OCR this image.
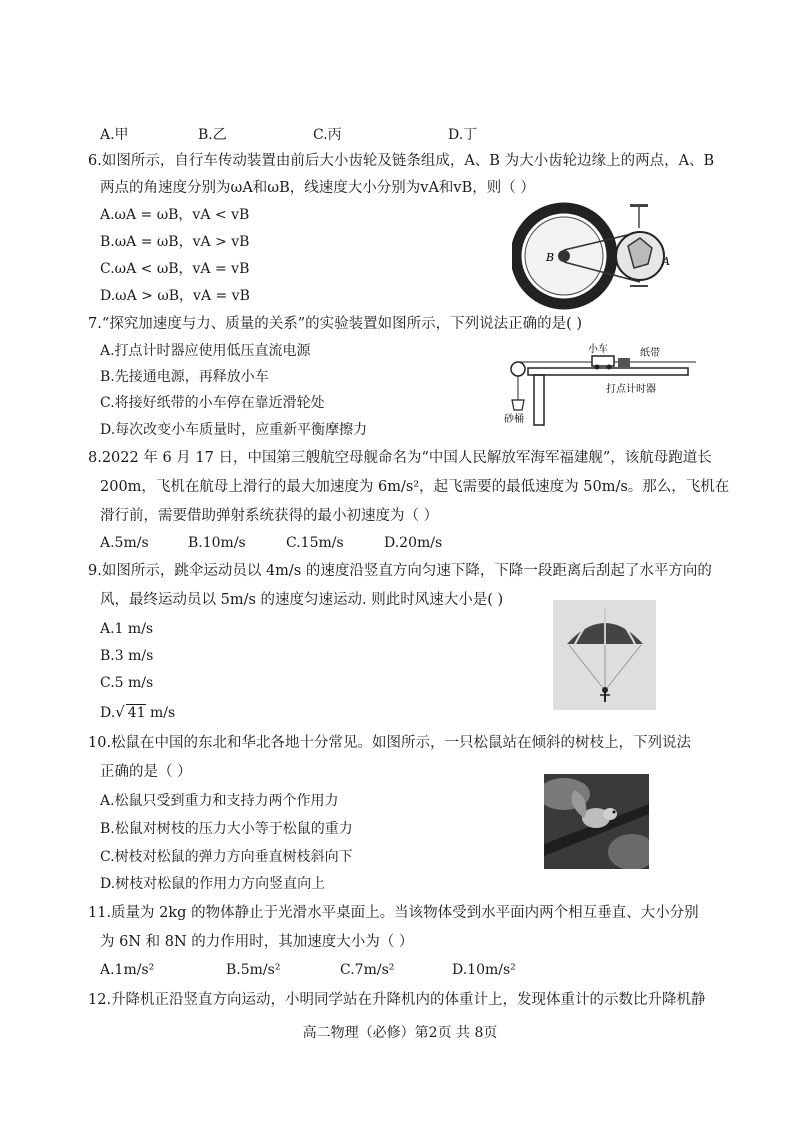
A.甲	B.乙	C.丙	D.丁
6.如图所示，自行车传动装置由前后大小齿轮及链条组成，A、B 为大小齿轮边缘上的两点，A、B
两点的角速度分别为ωA和ωB，线速度大小分别为vA和vB，则（ ）
A.ωA = ωB，vA < vB
B.ωA = ωB，vA > vB
C.ωA < ωB，vA = vB
D.ωA > ωB，vA = vB
B	A
7.“探究加速度与力、质量的关系”的实验装置如图所示，下列说法正确的是( )
A.打点计时器应使用低压直流电源
B.先接通电源，再释放小车
C.将接好纸带的小车停在靠近滑轮处
D.每次改变小车质量时，应重新平衡摩擦力
小车	纸带
打点计时器
砂桶
8.2022 年 6 月 17 日，中国第三艘航空母舰命名为“中国人民解放军海军福建舰”，该航母跑道长
200m，飞机在航母上滑行的最大加速度为 6m/s²，起飞需要的最低速度为 50m/s。那么，飞机在
滑行前，需要借助弹射系统获得的最小初速度为（ ）
A.5m/s	B.10m/s	C.15m/s	D.20m/s
9.如图所示，跳伞运动员以 4m/s 的速度沿竖直方向匀速下降，下降一段距离后刮起了水平方向的
风，最终运动员以 5m/s 的速度匀速运动. 则此时风速大小是( )
A.1 m/s
B.3 m/s
C.5 m/s
D.√ 41 m/s
10.松鼠在中国的东北和华北各地十分常见。如图所示，一只松鼠站在倾斜的树枝上，下列说法
正确的是（ ）
A.松鼠只受到重力和支持力两个作用力
B.松鼠对树枝的压力大小等于松鼠的重力
C.树枝对松鼠的弹力方向垂直树枝斜向下
D.树枝对松鼠的作用力方向竖直向上
11.质量为 2kg 的物体静止于光滑水平桌面上。当该物体受到水平面内两个相互垂直、大小分别
为 6N 和 8N 的力作用时，其加速度大小为（ ）
A.1m/s²	B.5m/s²	C.7m/s²	D.10m/s²
12.升降机正沿竖直方向运动，小明同学站在升降机内的体重计上，发现体重计的示数比升降机静
高二物理（必修）第2页 共 8页
